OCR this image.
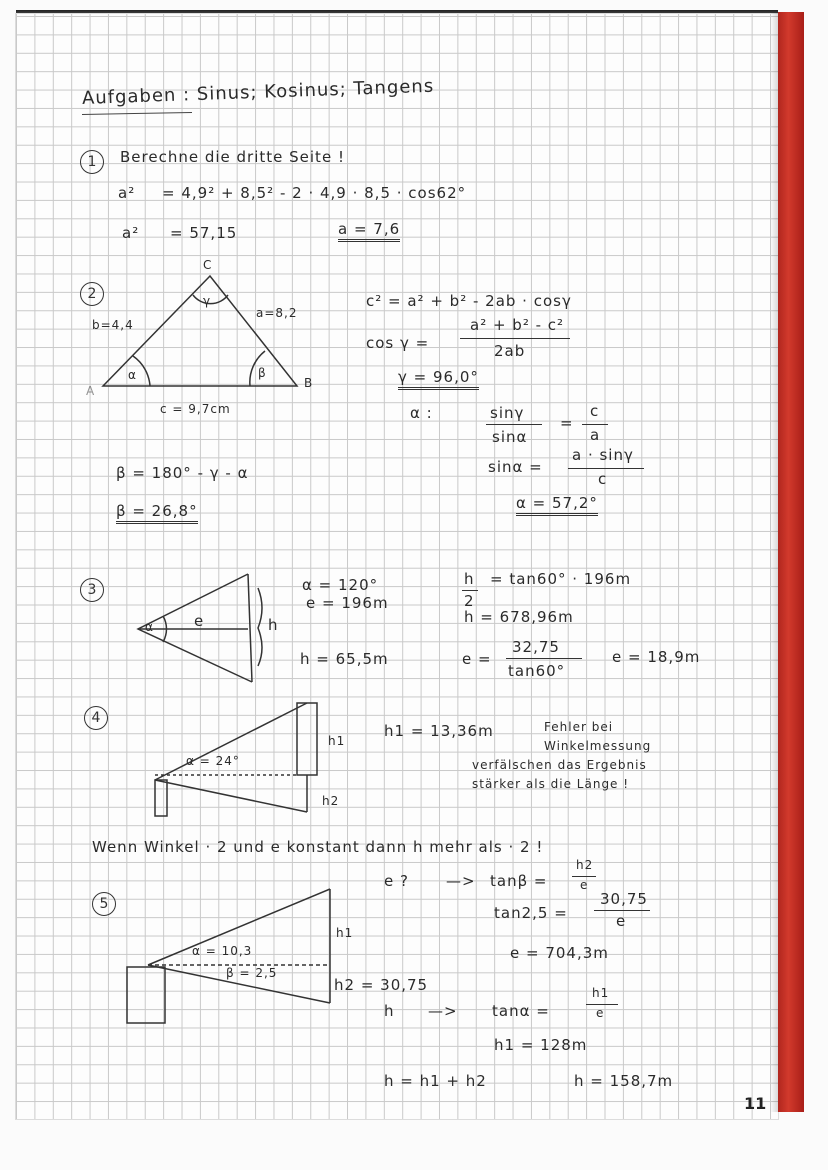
Aufgaben : Sinus; Kosinus; Tangens
1	Berechne die dritte Seite !
a² = 4,9² + 8,5² - 2 · 4,9 · 8,5 · cos62°
a² = 57,15	a = 7,6
2
C
B
A
γ
α	β
a=8,2
b=4,4
c = 9,7cm
c² = a² + b² - 2ab · cosγ
cos γ =
a² + b² - c²
2ab
γ = 96,0°
α :	sinγ
sinα
=
c
a
sinα =
a · sinγ
c
α = 57,2°
β = 180° - γ - α
β = 26,8°
3
α	e	h
α = 120°
e = 196m
h = 65,5m
h
2
= tan60° · 196m
h = 678,96m
e =
32,75
tan60°
e = 18,9m
4
α = 24°
h1
h2
h1 = 13,36m	Fehler bei
Winkelmessung
verfälschen das Ergebnis
stärker als die Länge !
Wenn Winkel · 2 und e konstant dann h mehr als · 2 !
5
α = 10,3
β = 2,5
h1
h2 = 30,75
e ? —> tanβ =
h2
e
tan2,5 =
30,75
e
e = 704,3m
h —> tanα =
h1
e
h1 = 128m
h = h1 + h2	h = 158,7m
11
